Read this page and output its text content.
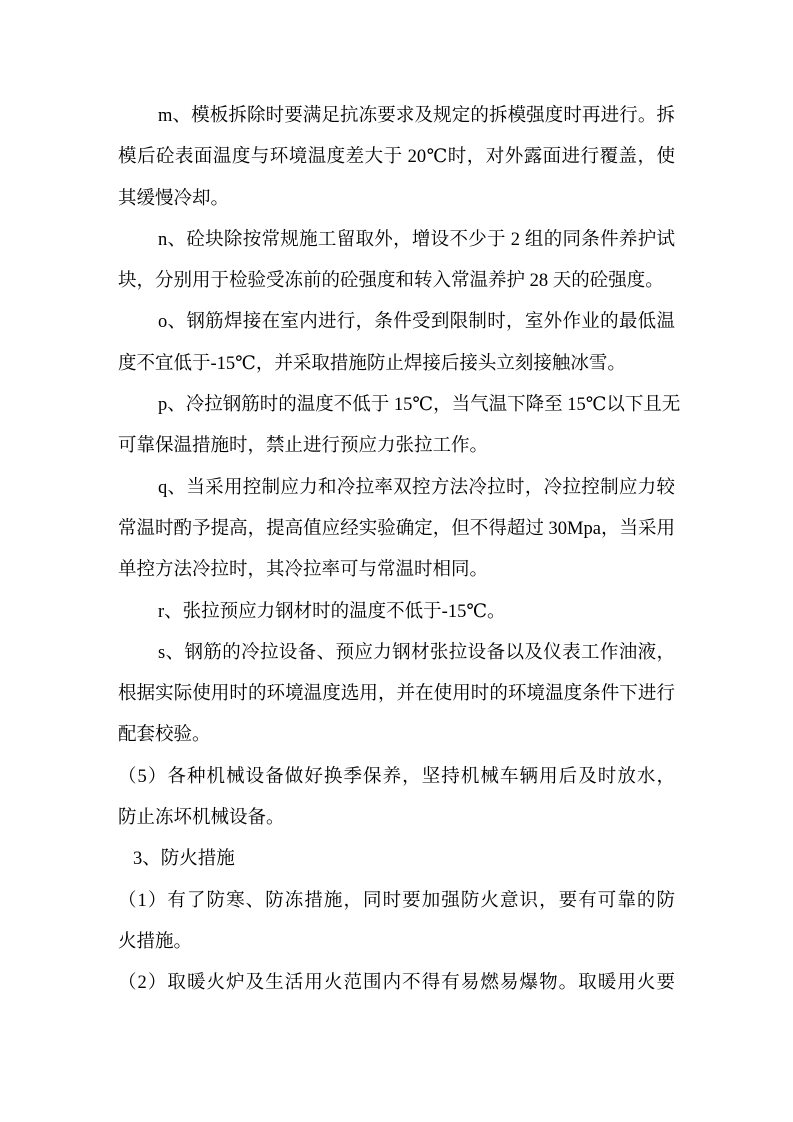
m、模板拆除时要满足抗冻要求及规定的拆模强度时再进行。拆
模后砼表面温度与环境温度差大于 20℃时，对外露面进行覆盖，使
其缓慢冷却。
n、砼块除按常规施工留取外，增设不少于 2 组的同条件养护试
块，分别用于检验受冻前的砼强度和转入常温养护 28 天的砼强度。
o、钢筋焊接在室内进行，条件受到限制时，室外作业的最低温
度不宜低于-15℃，并采取措施防止焊接后接头立刻接触冰雪。
p、冷拉钢筋时的温度不低于 15℃，当气温下降至 15℃以下且无
可靠保温措施时，禁止进行预应力张拉工作。
q、当采用控制应力和冷拉率双控方法冷拉时，冷拉控制应力较
常温时酌予提高，提高值应经实验确定，但不得超过 30Mpa，当采用
单控方法冷拉时，其冷拉率可与常温时相同。
r、张拉预应力钢材时的温度不低于-15℃。
s、钢筋的冷拉设备、预应力钢材张拉设备以及仪表工作油液，
根据实际使用时的环境温度选用，并在使用时的环境温度条件下进行
配套校验。
（5）各种机械设备做好换季保养，坚持机械车辆用后及时放水，
防止冻坏机械设备。
3、防火措施
（1）有了防寒、防冻措施，同时要加强防火意识，要有可靠的防
火措施。
（2）取暖火炉及生活用火范围内不得有易燃易爆物。取暖用火要
